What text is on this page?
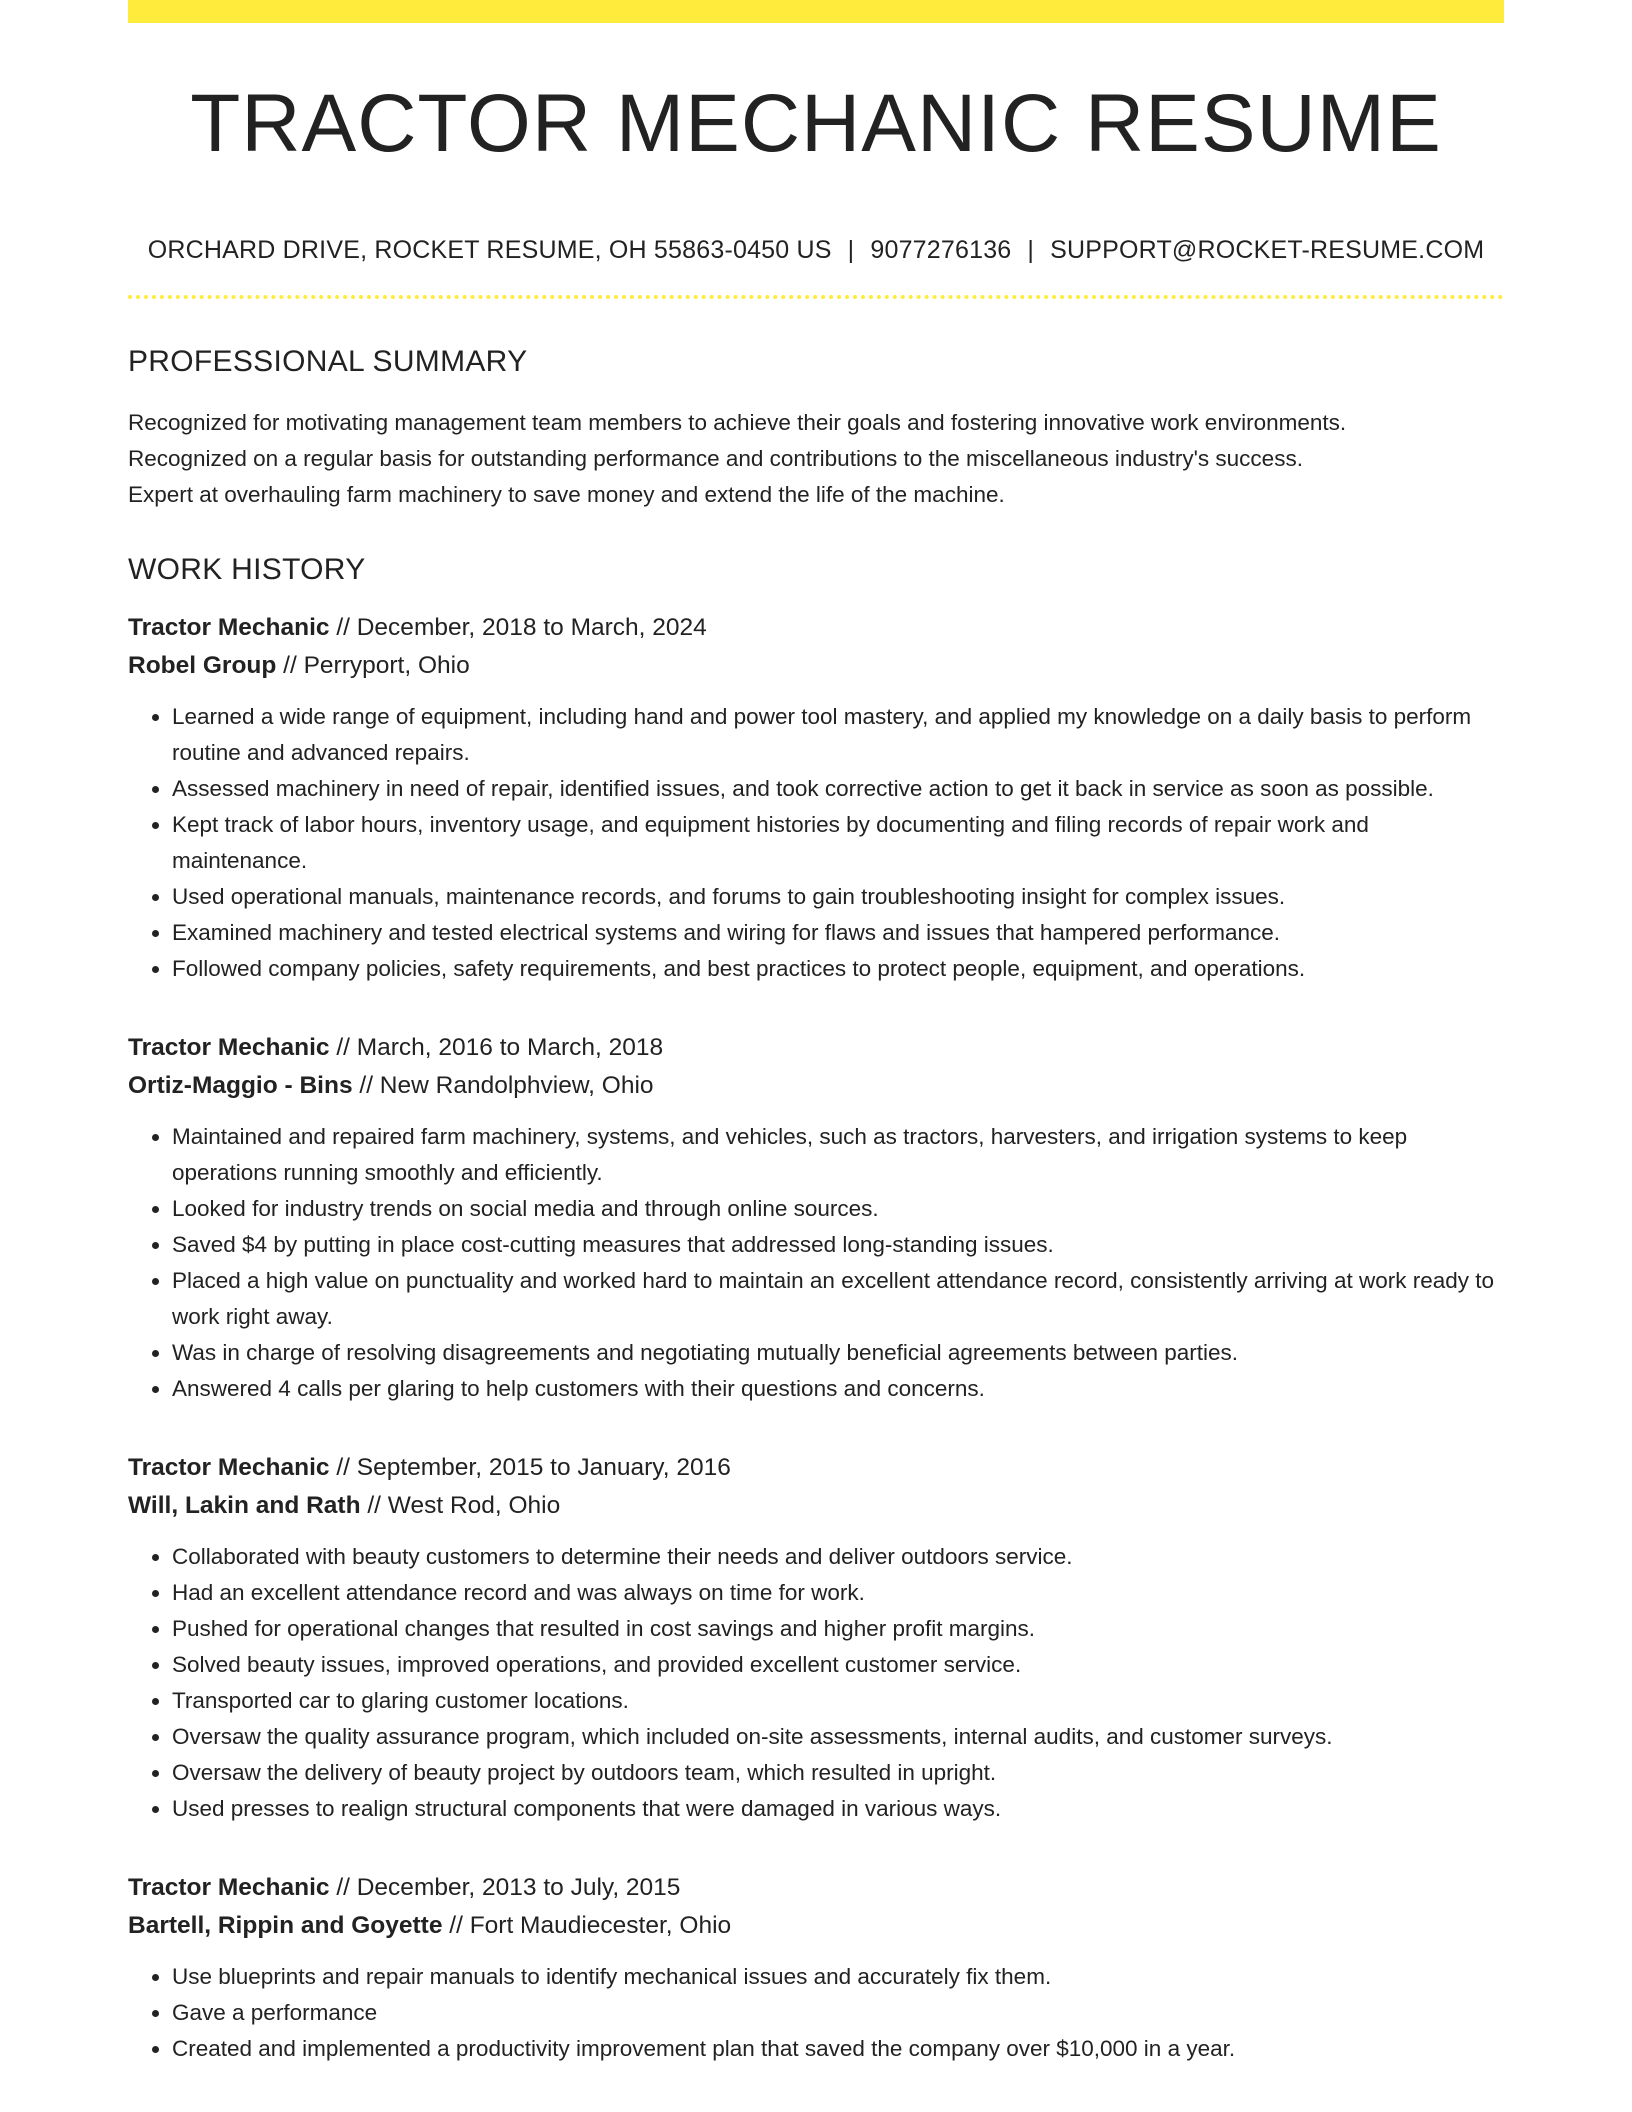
TRACTOR MECHANIC RESUME
ORCHARD DRIVE, ROCKET RESUME, OH 55863-0450 US | 9077276136 | SUPPORT@ROCKET-RESUME.COM
PROFESSIONAL SUMMARY

Recognized for motivating management team members to achieve their goals and fostering innovative work environments.

Recognized on a regular basis for outstanding performance and contributions to the miscellaneous industry's success.

Expert at overhauling farm machinery to save money and extend the life of the machine.

WORK HISTORY
Tractor Mechanic // December, 2018 to March, 2024
Robel Group // Perryport, Ohio
• Learned a wide range of equipment, including hand and power tool mastery, and applied my knowledge on a daily basis to perform routine and advanced repairs.
• Assessed machinery in need of repair, identified issues, and took corrective action to get it back in service as soon as possible.
• Kept track of labor hours, inventory usage, and equipment histories by documenting and filing records of repair work and maintenance.
• Used operational manuals, maintenance records, and forums to gain troubleshooting insight for complex issues.
• Examined machinery and tested electrical systems and wiring for flaws and issues that hampered performance.
• Followed company policies, safety requirements, and best practices to protect people, equipment, and operations.
Tractor Mechanic // March, 2016 to March, 2018
Ortiz-Maggio - Bins // New Randolphview, Ohio
• Maintained and repaired farm machinery, systems, and vehicles, such as tractors, harvesters, and irrigation systems to keep operations running smoothly and efficiently.
• Looked for industry trends on social media and through online sources.
• Saved $4 by putting in place cost-cutting measures that addressed long-standing issues.
• Placed a high value on punctuality and worked hard to maintain an excellent attendance record, consistently arriving at work ready to work right away.
• Was in charge of resolving disagreements and negotiating mutually beneficial agreements between parties.
• Answered 4 calls per glaring to help customers with their questions and concerns.
Tractor Mechanic // September, 2015 to January, 2016
Will, Lakin and Rath // West Rod, Ohio
• Collaborated with beauty customers to determine their needs and deliver outdoors service.
• Had an excellent attendance record and was always on time for work.
• Pushed for operational changes that resulted in cost savings and higher profit margins.
• Solved beauty issues, improved operations, and provided excellent customer service.
• Transported car to glaring customer locations.
• Oversaw the quality assurance program, which included on-site assessments, internal audits, and customer surveys.
• Oversaw the delivery of beauty project by outdoors team, which resulted in upright.
• Used presses to realign structural components that were damaged in various ways.
Tractor Mechanic // December, 2013 to July, 2015
Bartell, Rippin and Goyette // Fort Maudiecester, Ohio
• Use blueprints and repair manuals to identify mechanical issues and accurately fix them.
• Gave a performance
• Created and implemented a productivity improvement plan that saved the company over $10,000 in a year.
